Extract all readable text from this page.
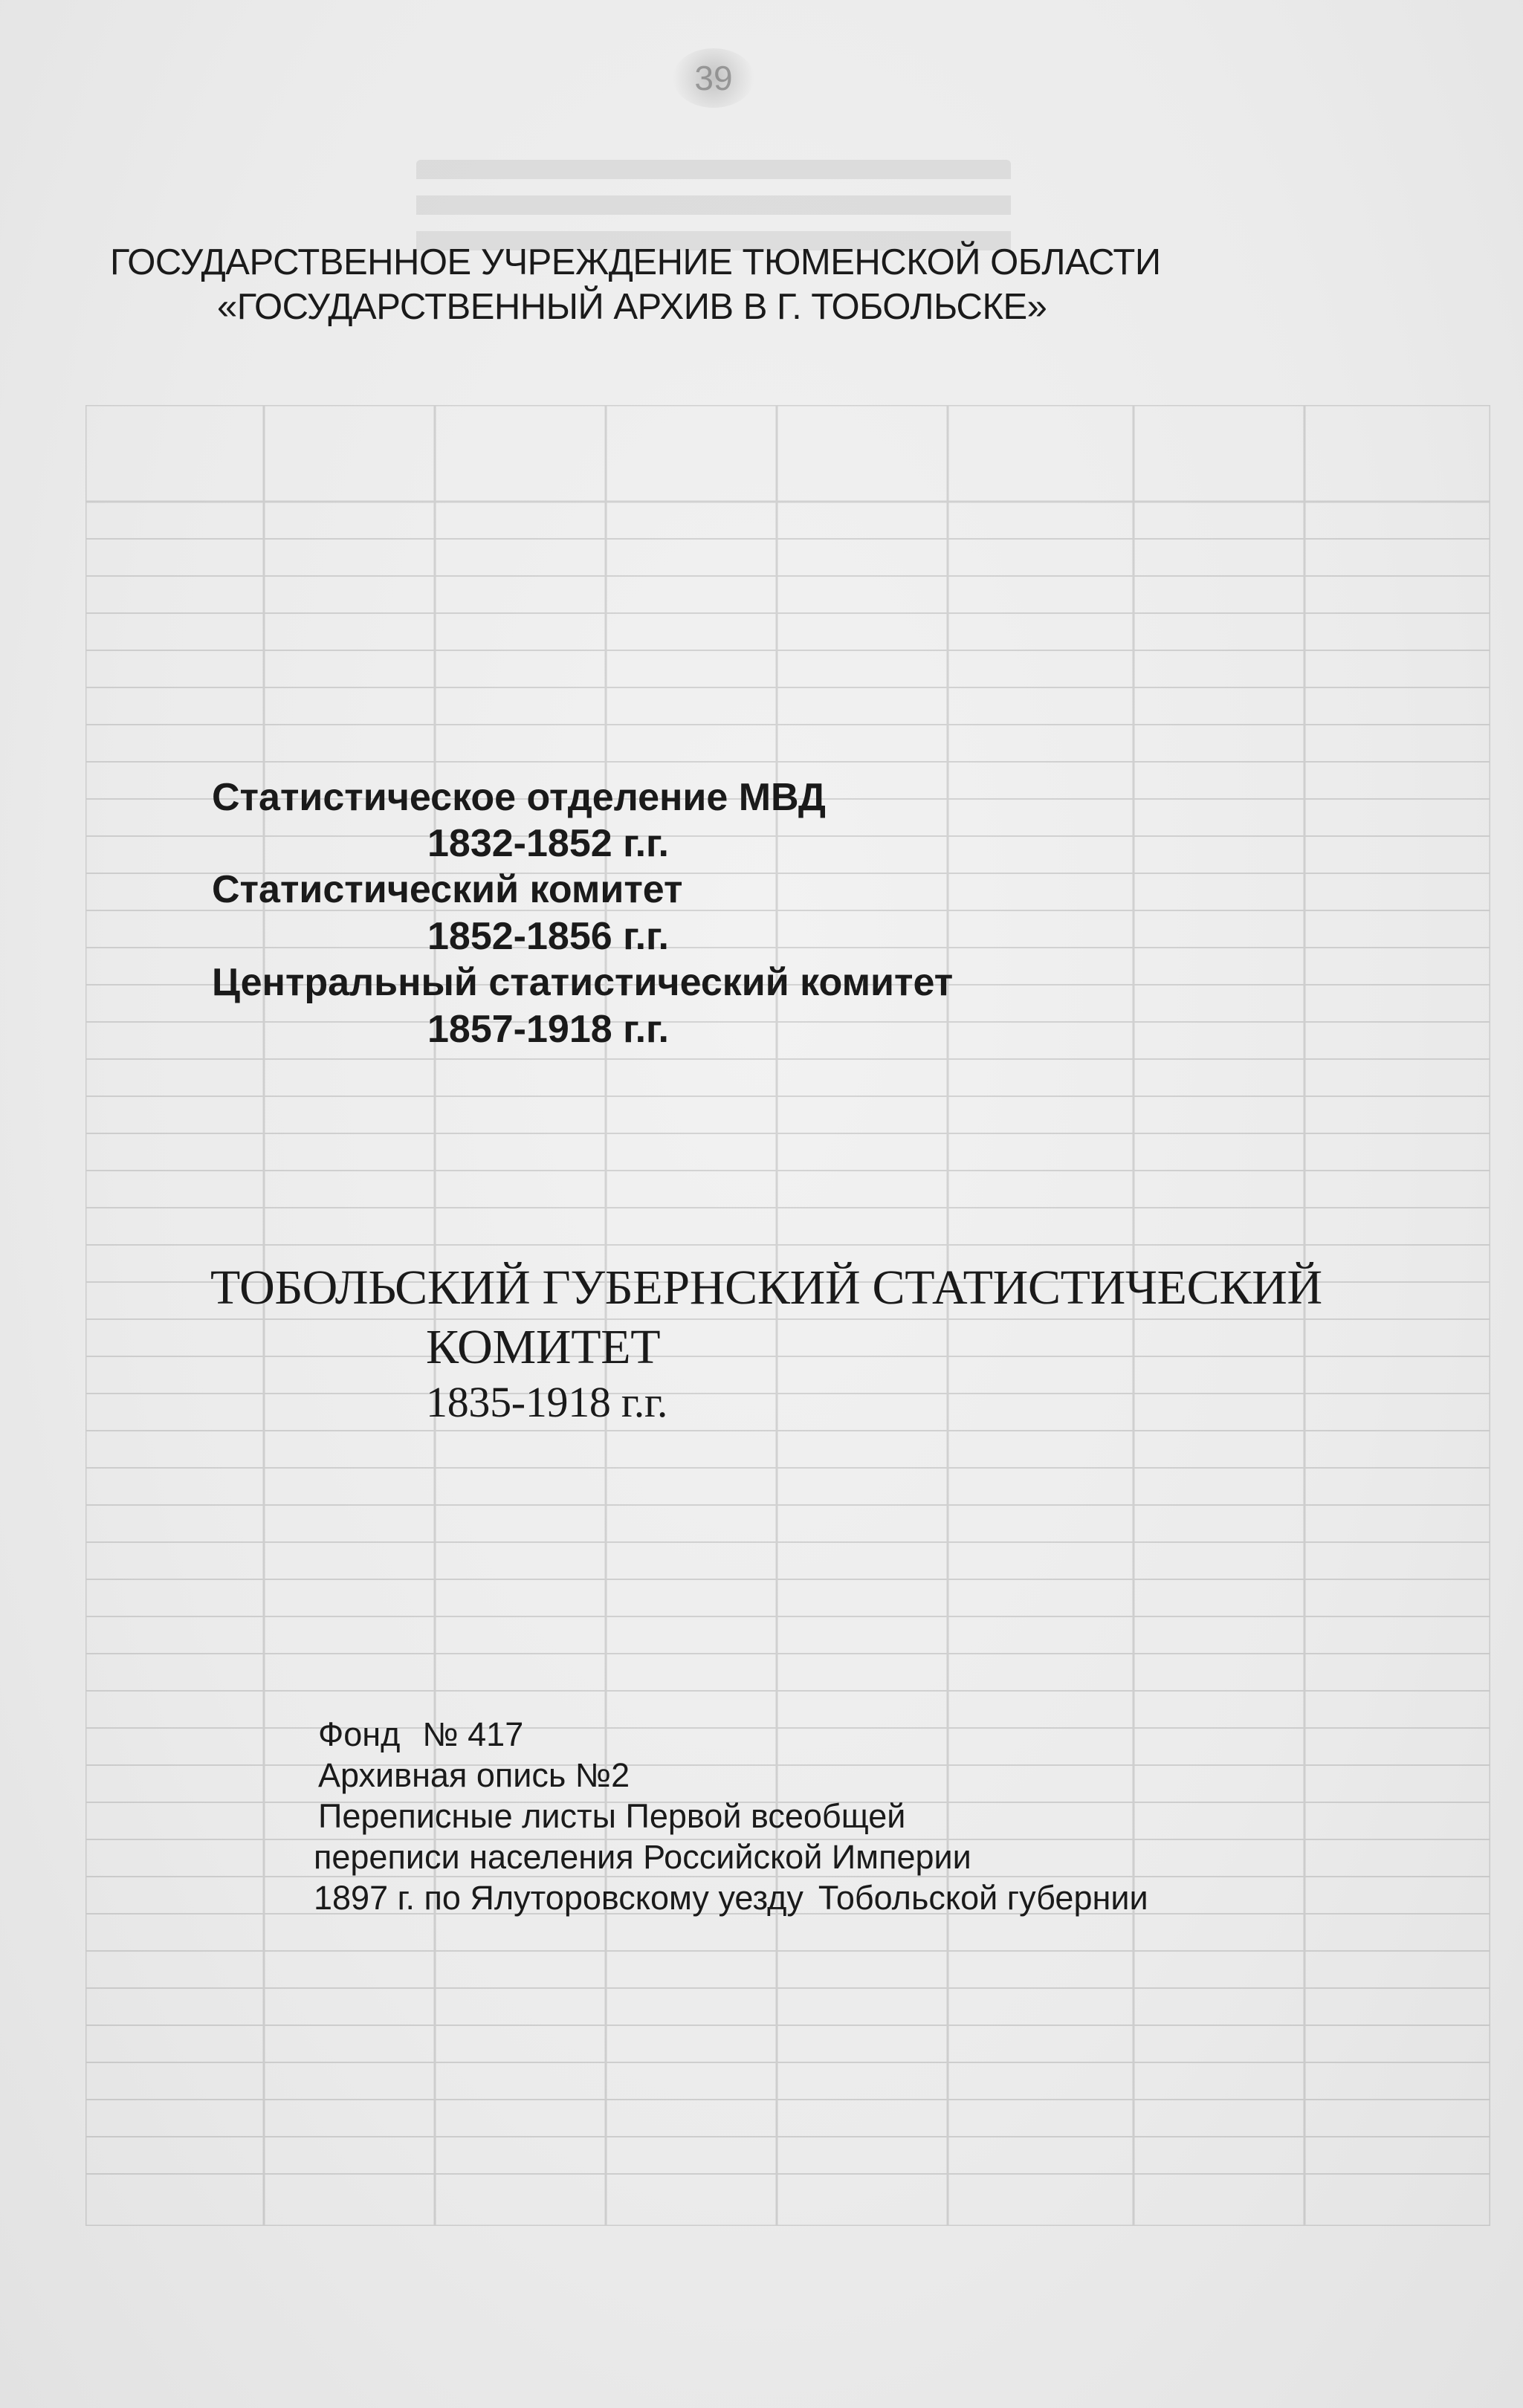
39

ГОСУДАРСТВЕННОЕ УЧРЕЖДЕНИЕ ТЮМЕНСКОЙ ОБЛАСТИ

«ГОСУДАРСТВЕННЫЙ АРХИВ В Г. ТОБОЛЬСКЕ»

Статистическое отделение МВД

1832-1852 г.г.

Статистический комитет

1852-1856 г.г.

Центральный статистический комитет

1857-1918 г.г.

ТОБОЛЬСКИЙ ГУБЕРНСКИЙ СТАТИСТИЧЕСКИЙ

КОМИТЕТ

1835-1918 г.г.

Фонд № 417

Архивная опись №2

Переписные листы Первой всеобщей

переписи населения Российской Империи

1897 г. по Ялуторовскому уезду Тобольской губернии
